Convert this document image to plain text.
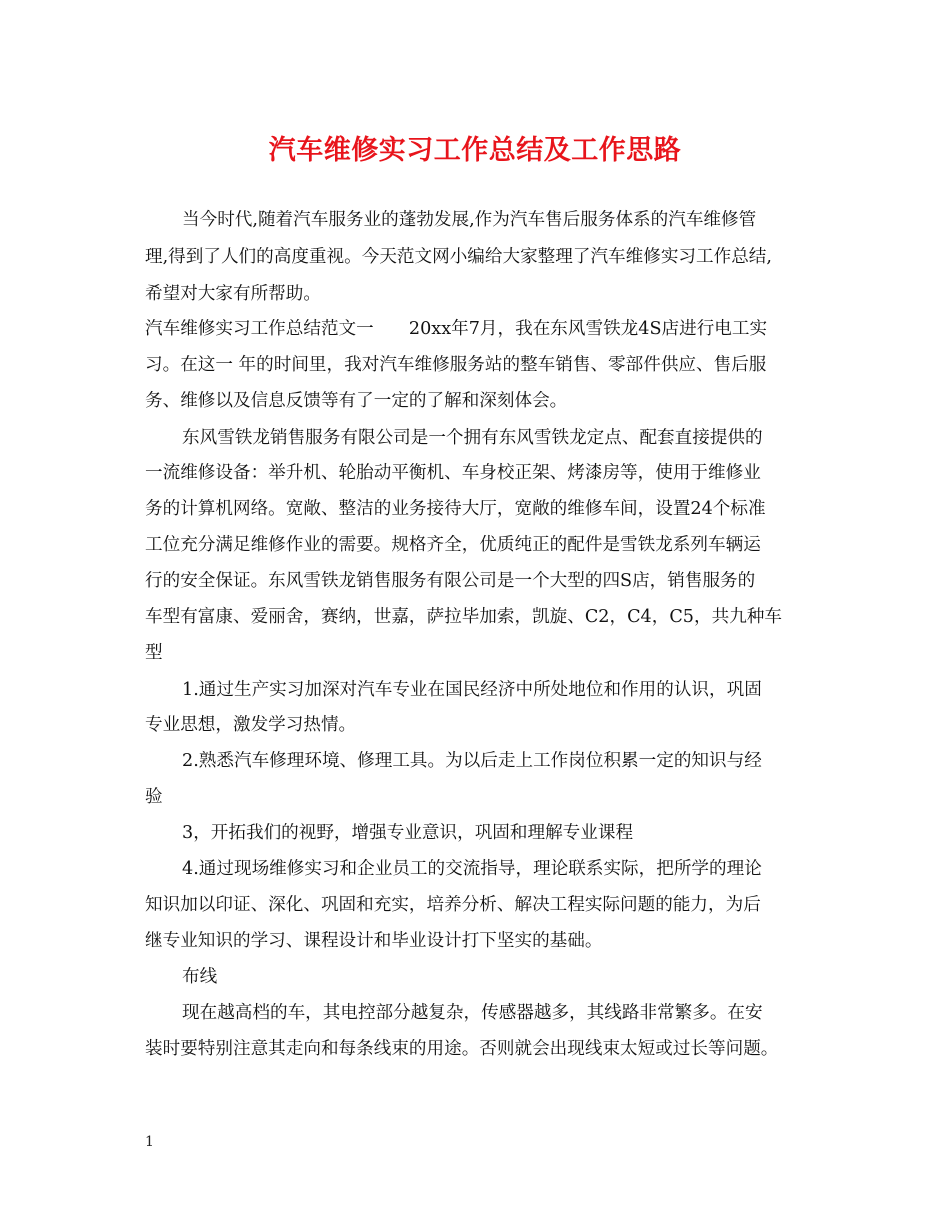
汽车维修实习工作总结及工作思路
当今时代,随着汽车服务业的蓬勃发展,作为汽车售后服务体系的汽车维修管
理,得到了人们的高度重视。今天范文网小编给大家整理了汽车维修实习工作总结,
希望对大家有所帮助。
汽车维修实习工作总结范文一　　20xx年7月，我在东风雪铁龙4S店进行电工实
习。在这一 年的时间里，我对汽车维修服务站的整车销售、零部件供应、售后服
务、维修以及信息反馈等有了一定的了解和深刻体会。
东风雪铁龙销售服务有限公司是一个拥有东风雪铁龙定点、配套直接提供的
一流维修设备：举升机、轮胎动平衡机、车身校正架、烤漆房等，使用于维修业
务的计算机网络。宽敞、整洁的业务接待大厅，宽敞的维修车间，设置24个标准
工位充分满足维修作业的需要。规格齐全，优质纯正的配件是雪铁龙系列车辆运
行的安全保证。东风雪铁龙销售服务有限公司是一个大型的四S店，销售服务的
车型有富康、爱丽舍，赛纳，世嘉，萨拉毕加索，凯旋、C2，C4，C5，共九种车
型
1.通过生产实习加深对汽车专业在国民经济中所处地位和作用的认识，巩固
专业思想，激发学习热情。
2.熟悉汽车修理环境、修理工具。为以后走上工作岗位积累一定的知识与经
验
3，开拓我们的视野，增强专业意识，巩固和理解专业课程
4.通过现场维修实习和企业员工的交流指导，理论联系实际，把所学的理论
知识加以印证、深化、巩固和充实，培养分析、解决工程实际问题的能力，为后
继专业知识的学习、课程设计和毕业设计打下坚实的基础。
布线
现在越高档的车，其电控部分越复杂，传感器越多，其线路非常繁多。在安
装时要特别注意其走向和每条线束的用途。否则就会出现线束太短或过长等问题。
1
